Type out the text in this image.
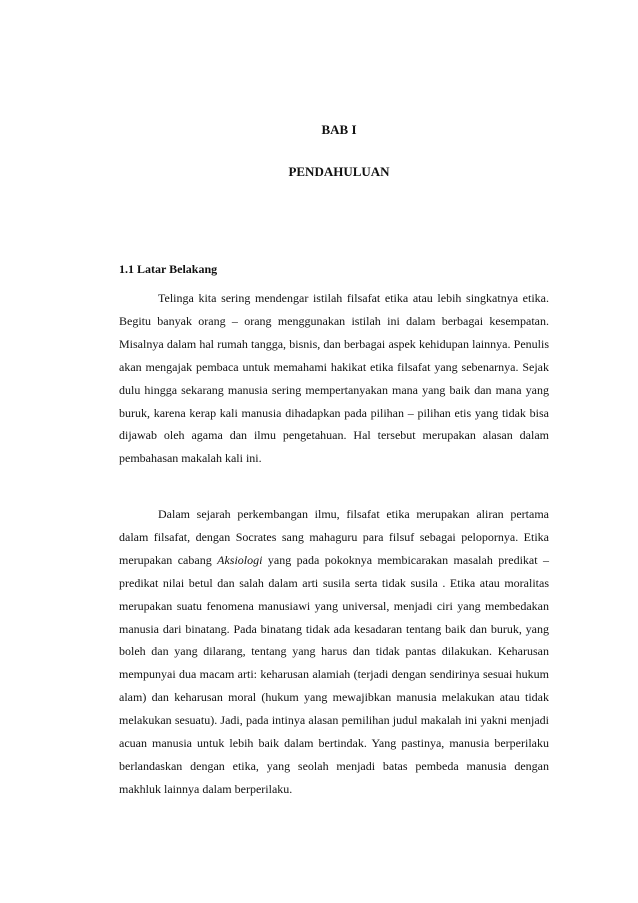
BAB I
PENDAHULUAN
1.1 Latar Belakang

Telinga kita sering mendengar istilah filsafat etika atau lebih singkatnya etika. Begitu banyak orang – orang menggunakan istilah ini dalam berbagai kesempatan. Misalnya dalam hal rumah tangga, bisnis, dan berbagai aspek kehidupan lainnya. Penulis akan mengajak pembaca untuk memahami hakikat etika filsafat yang sebenarnya. Sejak dulu hingga sekarang manusia sering mempertanyakan mana yang baik dan mana yang buruk, karena kerap kali manusia dihadapkan pada pilihan – pilihan etis yang tidak bisa dijawab oleh agama dan ilmu pengetahuan. Hal tersebut merupakan alasan dalam pembahasan makalah kali ini.

Dalam sejarah perkembangan ilmu, filsafat etika merupakan aliran pertama dalam filsafat, dengan Socrates sang mahaguru para filsuf sebagai pelopornya. Etika merupakan cabang Aksiologi yang pada pokoknya membicarakan masalah predikat – predikat nilai betul dan salah dalam arti susila serta tidak susila . Etika atau moralitas merupakan suatu fenomena manusiawi yang universal, menjadi ciri yang membedakan manusia dari binatang. Pada binatang tidak ada kesadaran tentang baik dan buruk, yang boleh dan yang dilarang, tentang yang harus dan tidak pantas dilakukan. Keharusan mempunyai dua macam arti: keharusan alamiah (terjadi dengan sendirinya sesuai hukum alam) dan keharusan moral (hukum yang mewajibkan manusia melakukan atau tidak melakukan sesuatu). Jadi, pada intinya alasan pemilihan judul makalah ini yakni menjadi acuan manusia untuk lebih baik dalam bertindak. Yang pastinya, manusia berperilaku berlandaskan dengan etika, yang seolah menjadi batas pembeda manusia dengan makhluk lainnya dalam berperilaku.
